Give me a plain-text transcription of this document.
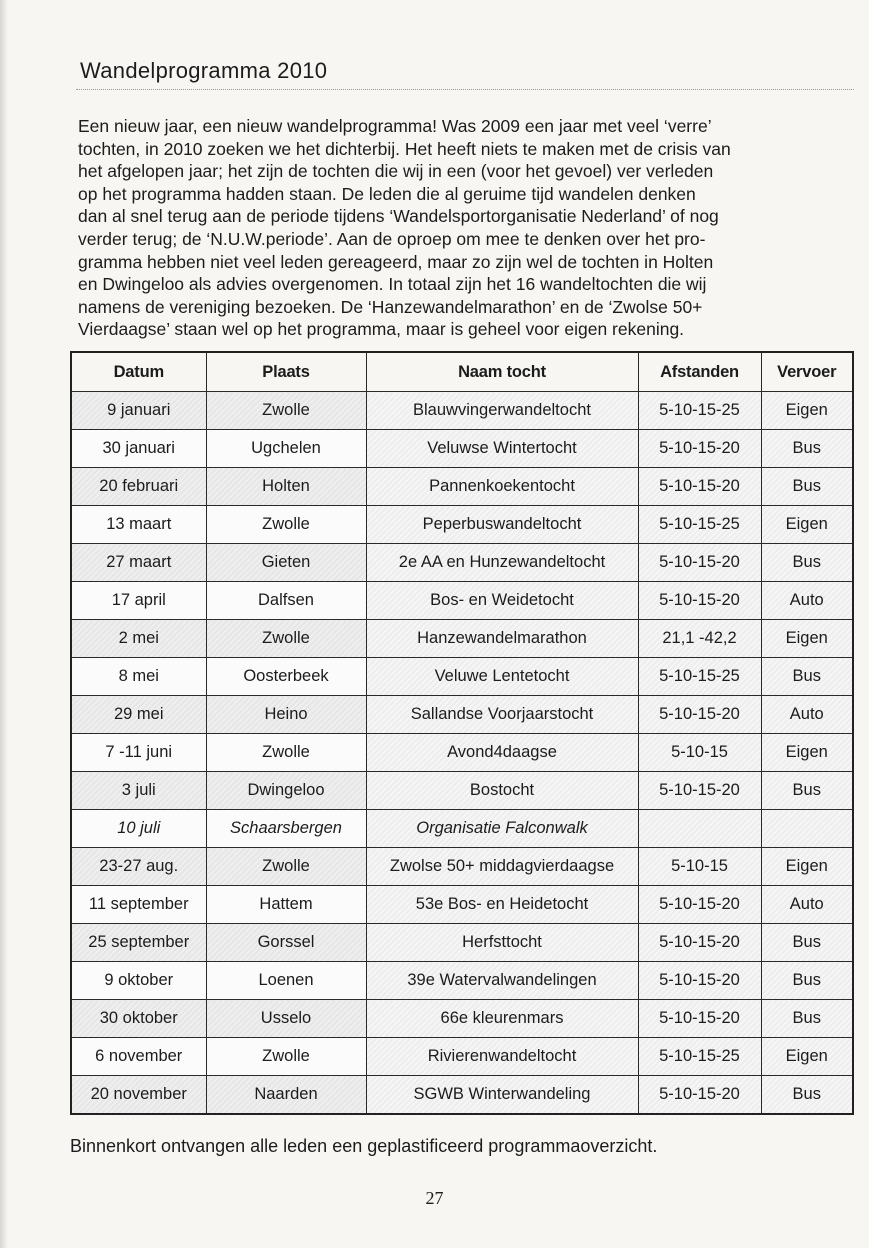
Wandelprogramma 2010
Een nieuw jaar, een nieuw wandelprogramma! Was 2009 een jaar met veel ‘verre’
tochten, in 2010 zoeken we het dichterbij. Het heeft niets te maken met de crisis van
het afgelopen jaar; het zijn de tochten die wij in een (voor het gevoel) ver verleden
op het programma hadden staan. De leden die al geruime tijd wandelen denken
dan al snel terug aan de periode tijdens ‘Wandelsportorganisatie Nederland’ of nog
verder terug; de ‘N.U.W.periode’. Aan de oproep om mee te denken over het pro-
gramma hebben niet veel leden gereageerd, maar zo zijn wel de tochten in Holten
en Dwingeloo als advies overgenomen. In totaal zijn het 16 wandeltochten die wij
namens de vereniging bezoeken. De ‘Hanzewandelmarathon’ en de ‘Zwolse 50+
Vierdaagse’ staan wel op het programma, maar is geheel voor eigen rekening.
Datum	Plaats	Naam tocht	Afstanden	Vervoer
9 januari	Zwolle	Blauwvingerwandeltocht	5-10-15-25	Eigen
30 januari	Ugchelen	Veluwse Wintertocht	5-10-15-20	Bus
20 februari	Holten	Pannenkoekentocht	5-10-15-20	Bus
13 maart	Zwolle	Peperbuswandeltocht	5-10-15-25	Eigen
27 maart	Gieten	2e AA en Hunzewandeltocht	5-10-15-20	Bus
17 april	Dalfsen	Bos- en Weidetocht	5-10-15-20	Auto
2 mei	Zwolle	Hanzewandelmarathon	21,1 -42,2	Eigen
8 mei	Oosterbeek	Veluwe Lentetocht	5-10-15-25	Bus
29 mei	Heino	Sallandse Voorjaarstocht	5-10-15-20	Auto
7 -11 juni	Zwolle	Avond4daagse	5-10-15	Eigen
3 juli	Dwingeloo	Bostocht	5-10-15-20	Bus
10 juli	Schaarsbergen	Organisatie Falconwalk		
23-27 aug.	Zwolle	Zwolse 50+ middagvierdaagse	5-10-15	Eigen
11 september	Hattem	53e Bos- en Heidetocht	5-10-15-20	Auto
25 september	Gorssel	Herfsttocht	5-10-15-20	Bus
9 oktober	Loenen	39e Watervalwandelingen	5-10-15-20	Bus
30 oktober	Usselo	66e kleurenmars	5-10-15-20	Bus
6 november	Zwolle	Rivierenwandeltocht	5-10-15-25	Eigen
20 november	Naarden	SGWB Winterwandeling	5-10-15-20	Bus
Binnenkort ontvangen alle leden een geplastificeerd programmaoverzicht.
27
